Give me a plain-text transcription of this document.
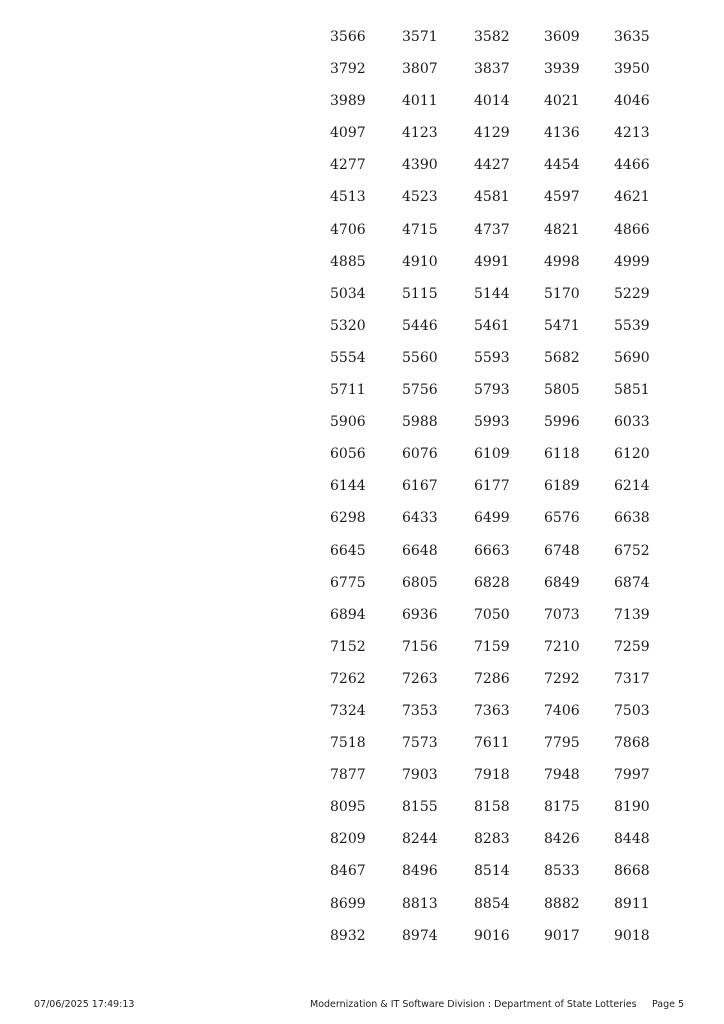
3566	3571	3582	3609	3635
3792	3807	3837	3939	3950
3989	4011	4014	4021	4046
4097	4123	4129	4136	4213
4277	4390	4427	4454	4466
4513	4523	4581	4597	4621
4706	4715	4737	4821	4866
4885	4910	4991	4998	4999
5034	5115	5144	5170	5229
5320	5446	5461	5471	5539
5554	5560	5593	5682	5690
5711	5756	5793	5805	5851
5906	5988	5993	5996	6033
6056	6076	6109	6118	6120
6144	6167	6177	6189	6214
6298	6433	6499	6576	6638
6645	6648	6663	6748	6752
6775	6805	6828	6849	6874
6894	6936	7050	7073	7139
7152	7156	7159	7210	7259
7262	7263	7286	7292	7317
7324	7353	7363	7406	7503
7518	7573	7611	7795	7868
7877	7903	7918	7948	7997
8095	8155	8158	8175	8190
8209	8244	8283	8426	8448
8467	8496	8514	8533	8668
8699	8813	8854	8882	8911
8932	8974	9016	9017	9018
07/06/2025 17:49:13	Modernization & IT Software Division : Department of State Lotteries Page 5
